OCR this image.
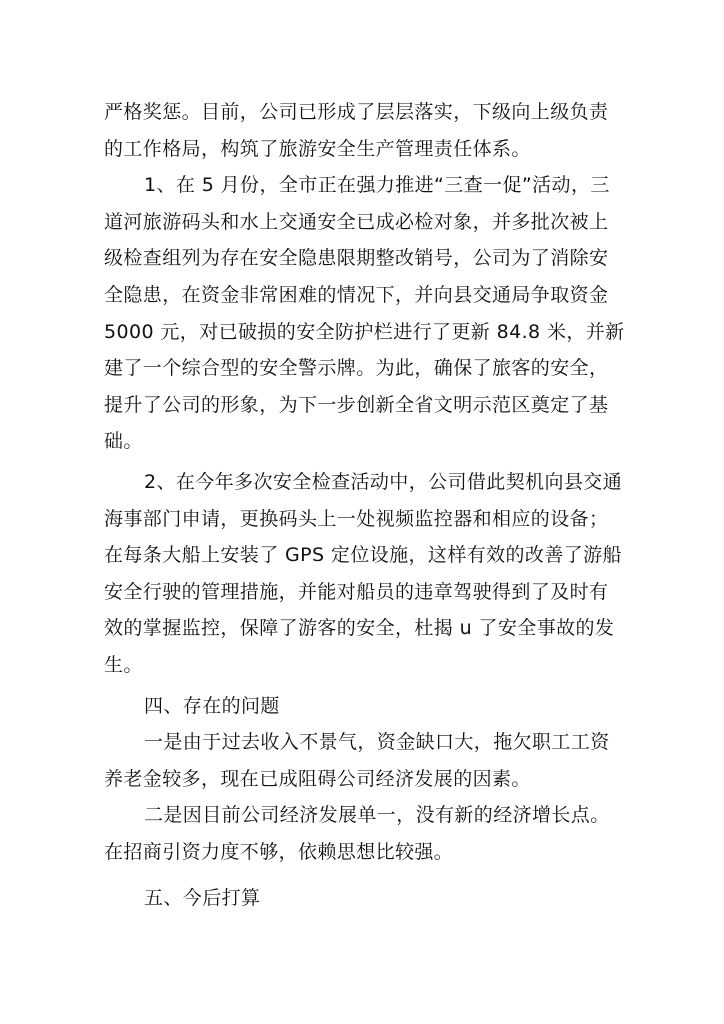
严格奖惩。目前，公司已形成了层层落实，下级向上级负责
的工作格局，构筑了旅游安全生产管理责任体系。
1、在 5 月份，全市正在强力推进“三查一促”活动，三
道河旅游码头和水上交通安全已成必检对象，并多批次被上
级检查组列为存在安全隐患限期整改销号，公司为了消除安
全隐患，在资金非常困难的情况下，并向县交通局争取资金
5000 元，对已破损的安全防护栏进行了更新 84.8 米，并新
建了一个综合型的安全警示牌。为此，确保了旅客的安全，
提升了公司的形象，为下一步创新全省文明示范区奠定了基
础。
2、在今年多次安全检查活动中，公司借此契机向县交通
海事部门申请，更换码头上一处视频监控器和相应的设备；
在每条大船上安装了 GPS 定位设施，这样有效的改善了游船
安全行驶的管理措施，并能对船员的违章驾驶得到了及时有
效的掌握监控，保障了游客的安全，杜揭 u 了安全事故的发
生。
四、存在的问题
一是由于过去收入不景气，资金缺口大，拖欠职工工资
养老金较多，现在已成阻碍公司经济发展的因素。
二是因目前公司经济发展单一，没有新的经济增长点。
在招商引资力度不够，依赖思想比较强。
五、今后打算
